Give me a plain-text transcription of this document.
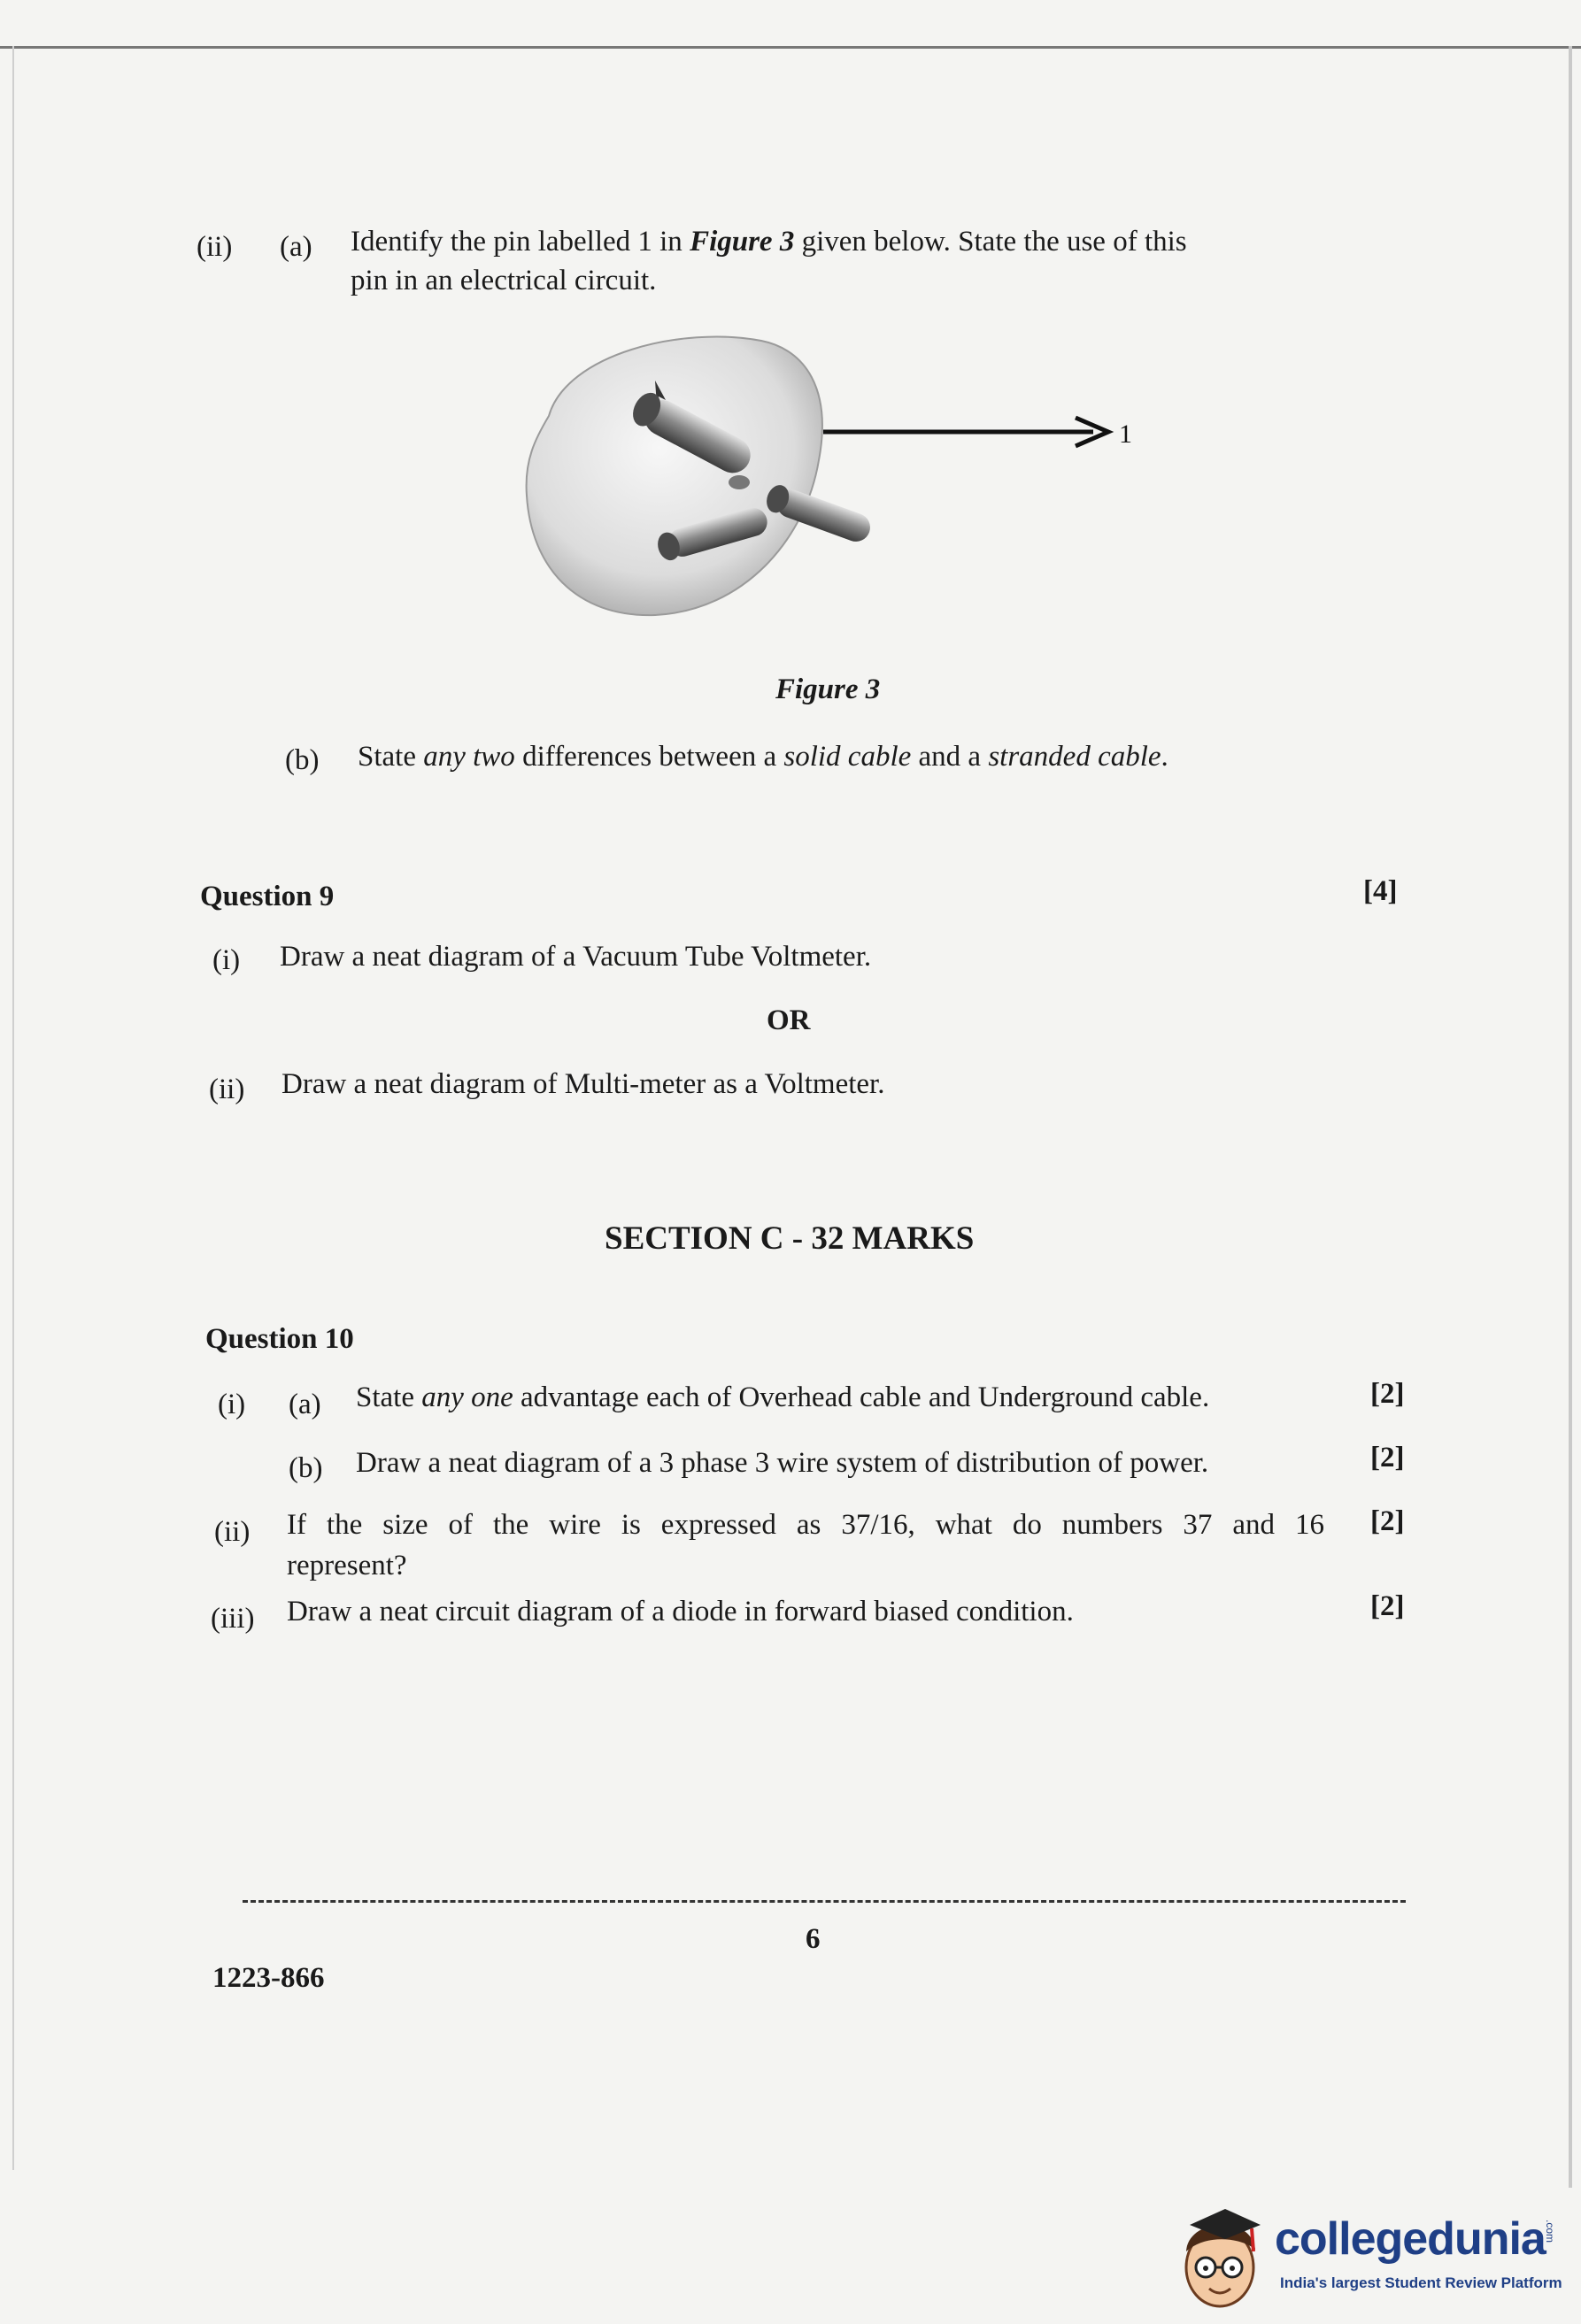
(ii) (a) Identify the pin labelled 1 in Figure 3 given below. State the use of this
pin in an electrical circuit.
1
Figure 3
(b) State any two differences between a solid cable and a stranded cable.
Question 9	[4]
(i) Draw a neat diagram of a Vacuum Tube Voltmeter.
OR
(ii) Draw a neat diagram of Multi-meter as a Voltmeter.
SECTION C - 32 MARKS
Question 10
(i) (a) State any one advantage each of Overhead cable and Underground cable.	[2]
(b) Draw a neat diagram of a 3 phase 3 wire system of distribution of power.	[2]
(ii) If the size of the wire is expressed as 37/16, what do numbers 37 and 16
represent?
[2]
(iii) Draw a neat circuit diagram of a diode in forward biased condition.	[2]
6
1223-866
collegedunia
.com
India's largest Student Review Platform
